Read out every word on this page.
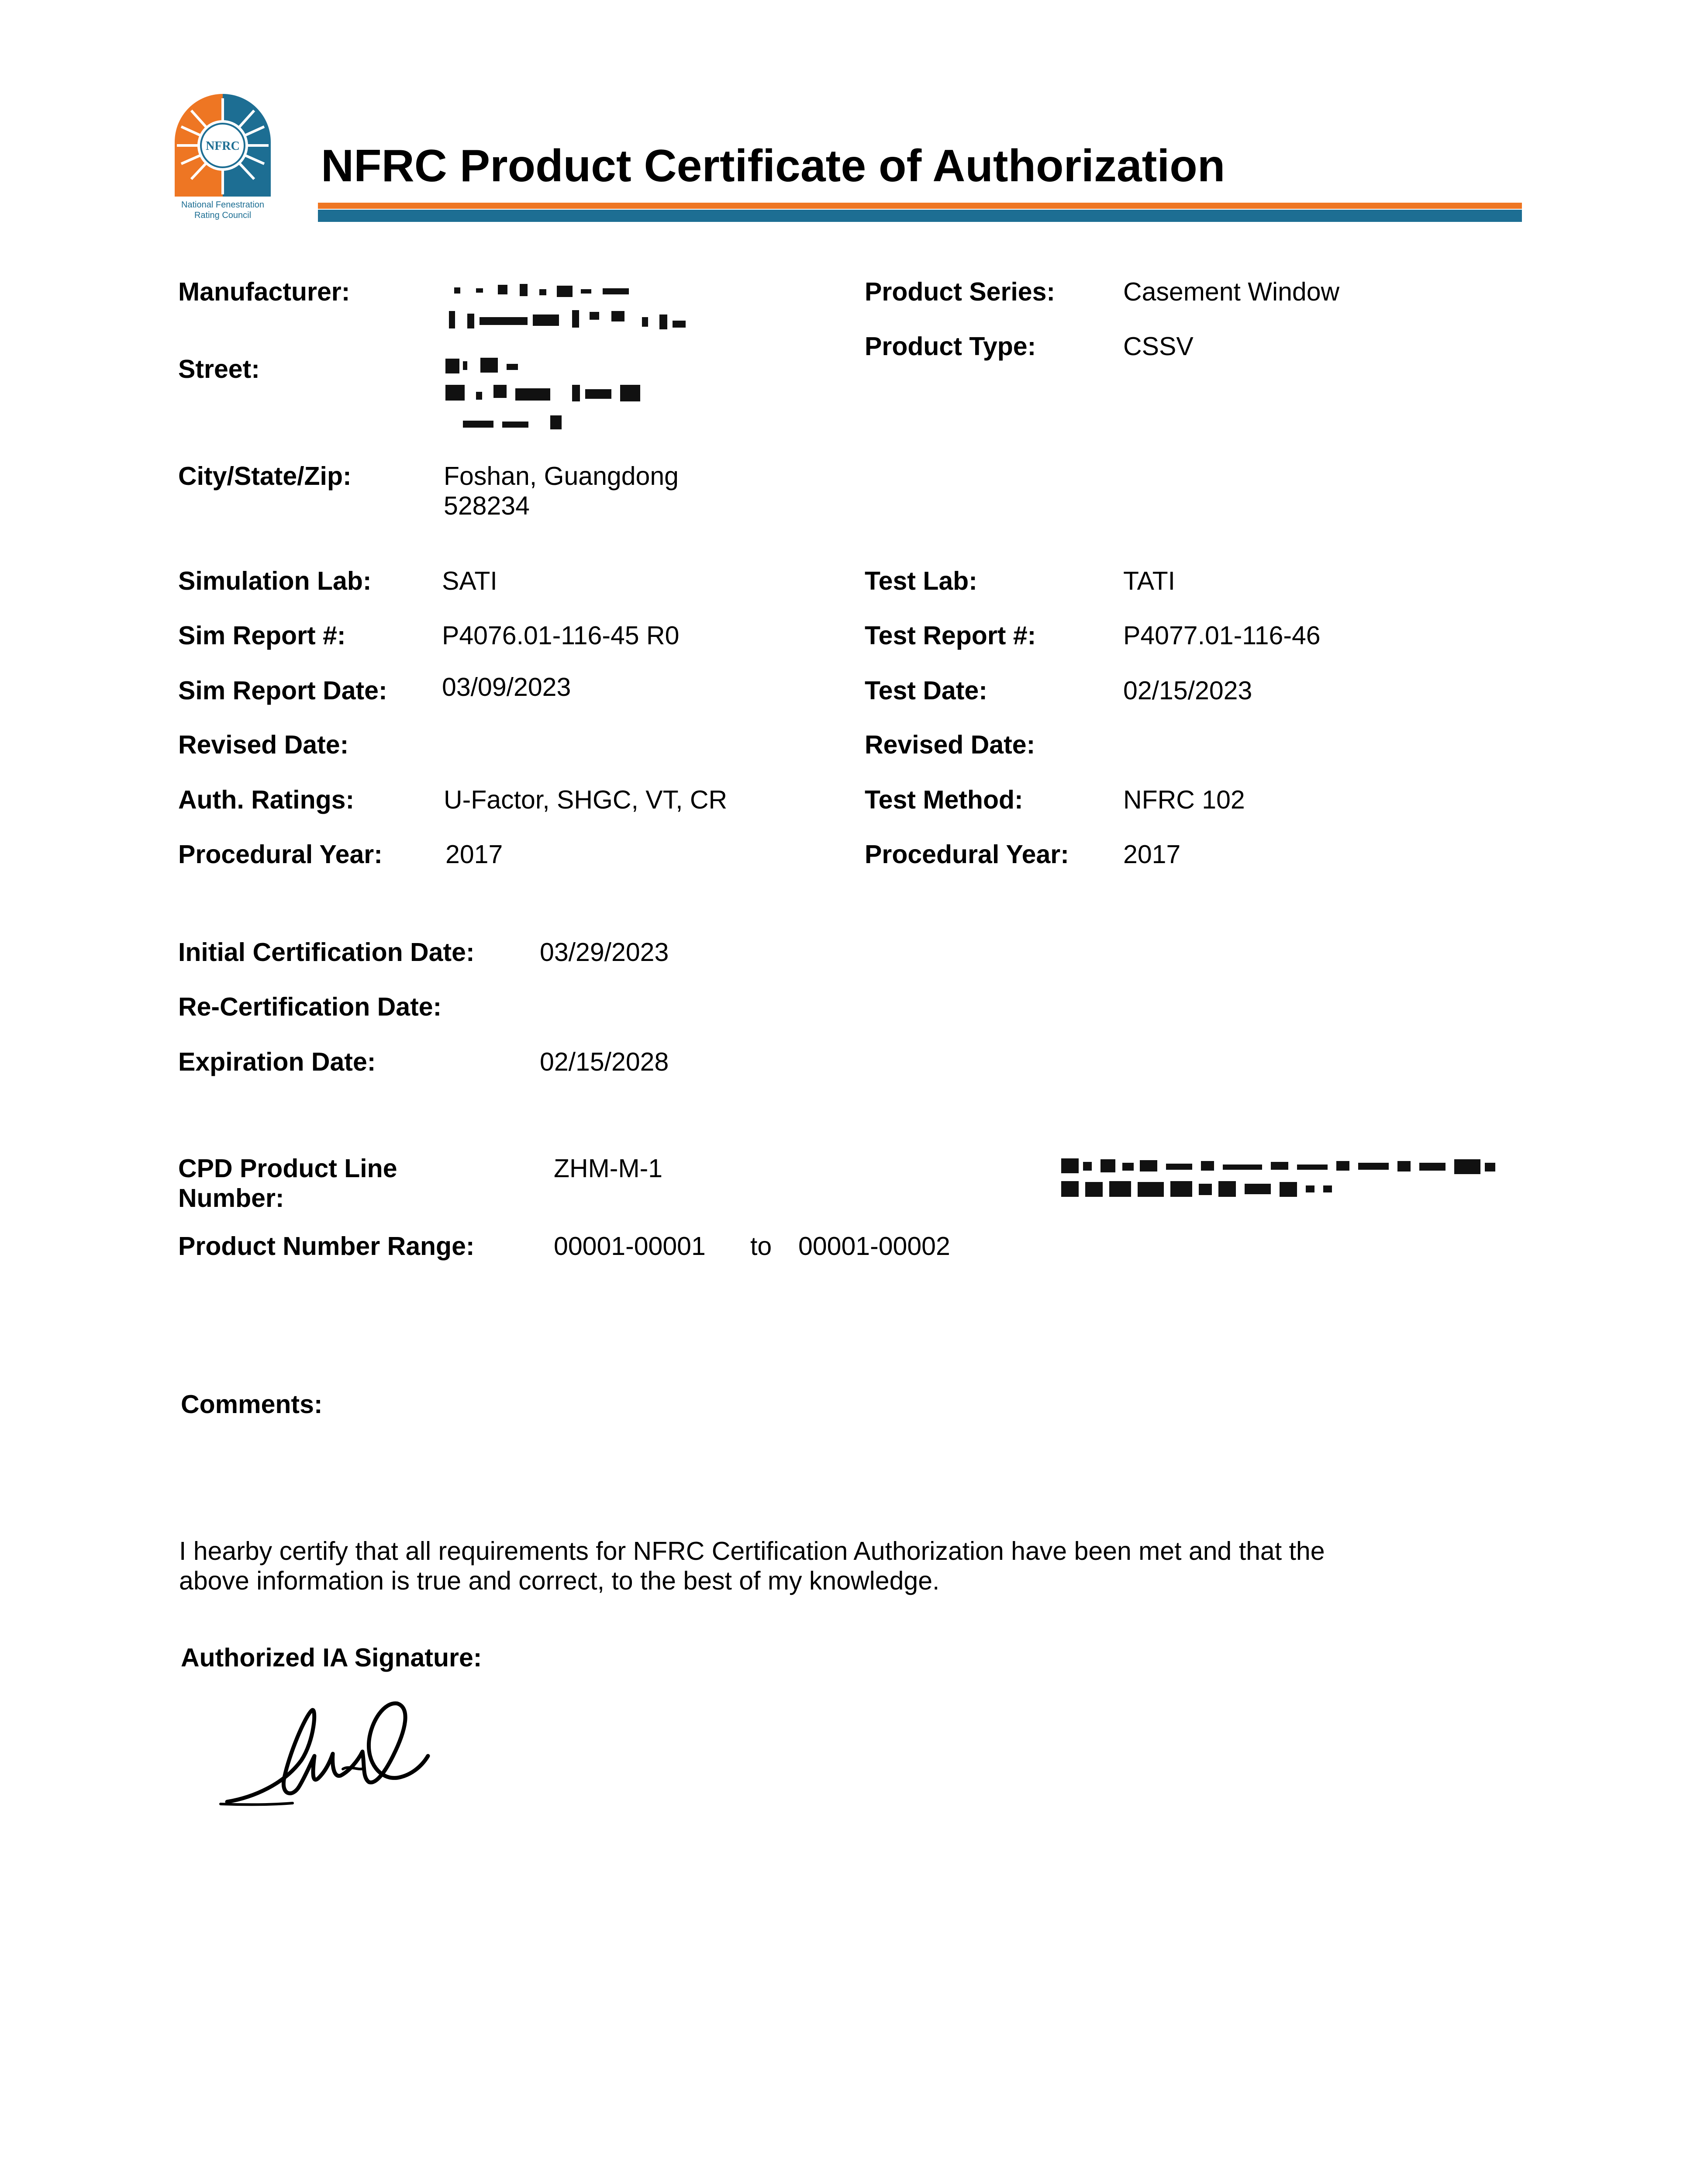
NFRC
National Fenestration
Rating Council
NFRC Product Certificate of Authorization
Manufacturer:
Street:
City/State/Zip:	Foshan, Guangdong
528234
Simulation Lab:	SATI
Sim Report #:	P4076.01-116-45 R0
Sim Report Date: 03/09/2023
Revised Date:
Auth. Ratings:	U-Factor, SHGC, VT, CR
Procedural Year: 2017
Product Series:	Casement Window
Product Type:	CSSV
Test Lab:	TATI
Test Report #:	P4077.01-116-46
Test Date:	02/15/2023
Revised Date:
Test Method:	NFRC 102
Procedural Year: 2017
Initial Certification Date:	03/29/2023
Re-Certification Date:
Expiration Date:	02/15/2028
CPD Product Line
Number:
ZHM-M-1
Product Number Range:	00001-00001 to 00001-00002
Comments:
I hearby certify that all requirements for NFRC Certification Authorization have been met and that the
above information is true and correct, to the best of my knowledge.
Authorized IA Signature:
